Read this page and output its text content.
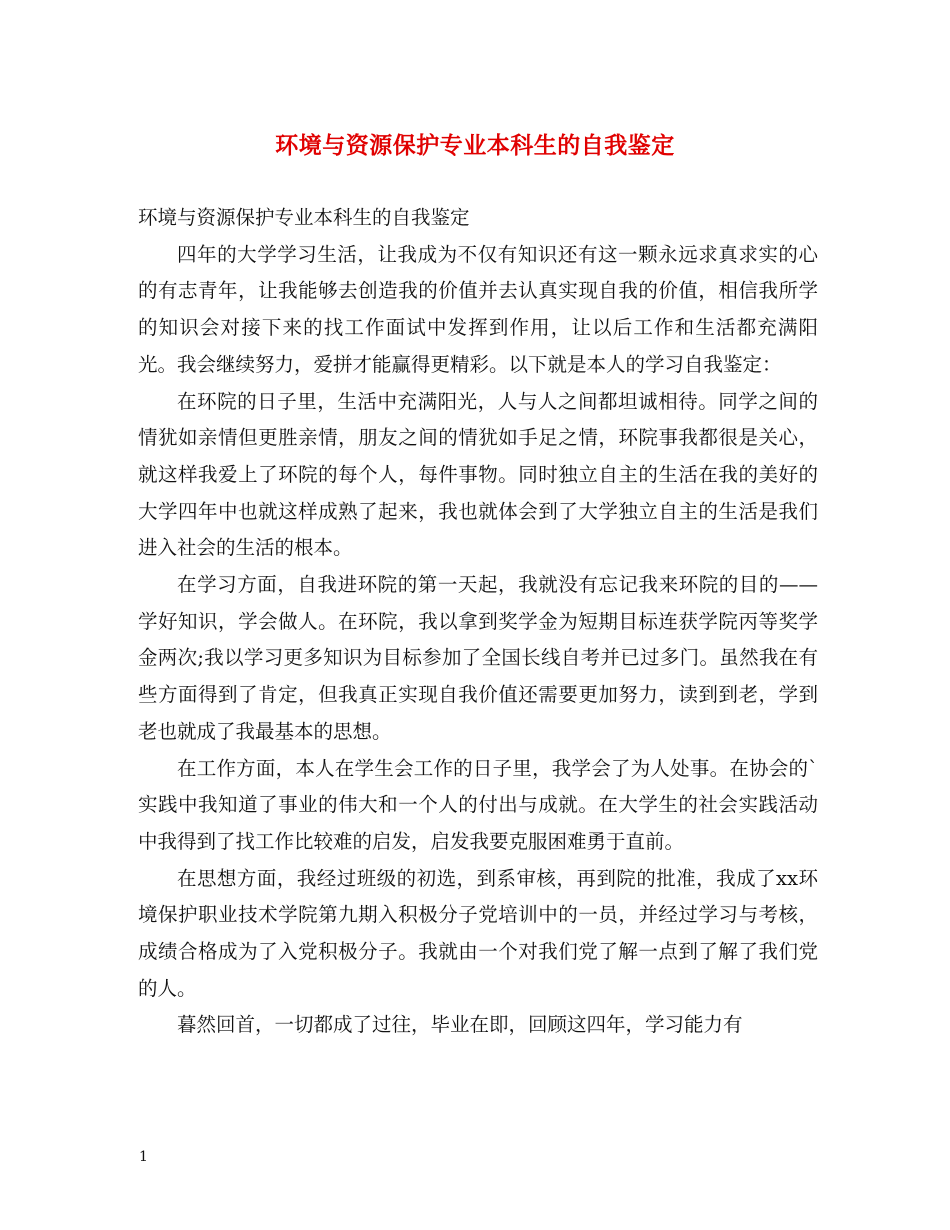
环境与资源保护专业本科生的自我鉴定

环境与资源保护专业本科生的自我鉴定

四年的大学学习生活，让我成为不仅有知识还有这一颗永远求真求实的心的有志青年，让我能够去创造我的价值并去认真实现自我的价值，相信我所学的知识会对接下来的找工作面试中发挥到作用，让以后工作和生活都充满阳光。我会继续努力，爱拼才能赢得更精彩。以下就是本人的学习自我鉴定：

在环院的日子里，生活中充满阳光，人与人之间都坦诚相待。同学之间的情犹如亲情但更胜亲情，朋友之间的情犹如手足之情，环院事我都很是关心，就这样我爱上了环院的每个人，每件事物。同时独立自主的生活在我的美好的大学四年中也就这样成熟了起来，我也就体会到了大学独立自主的生活是我们进入社会的生活的根本。

在学习方面，自我进环院的第一天起，我就没有忘记我来环院的目的——学好知识，学会做人。在环院，我以拿到奖学金为短期目标连获学院丙等奖学金两次;我以学习更多知识为目标参加了全国长线自考并已过多门。虽然我在有些方面得到了肯定，但我真正实现自我价值还需要更加努力，读到到老，学到老也就成了我最基本的思想。

在工作方面，本人在学生会工作的日子里，我学会了为人处事。在协会的`实践中我知道了事业的伟大和一个人的付出与成就。在大学生的社会实践活动中我得到了找工作比较难的启发，启发我要克服困难勇于直前。

在思想方面，我经过班级的初选，到系审核，再到院的批准，我成了xx环境保护职业技术学院第九期入积极分子党培训中的一员，并经过学习与考核，成绩合格成为了入党积极分子。我就由一个对我们党了解一点到了解了我们党的人。

暮然回首，一切都成了过往，毕业在即，回顾这四年，学习能力有

1
